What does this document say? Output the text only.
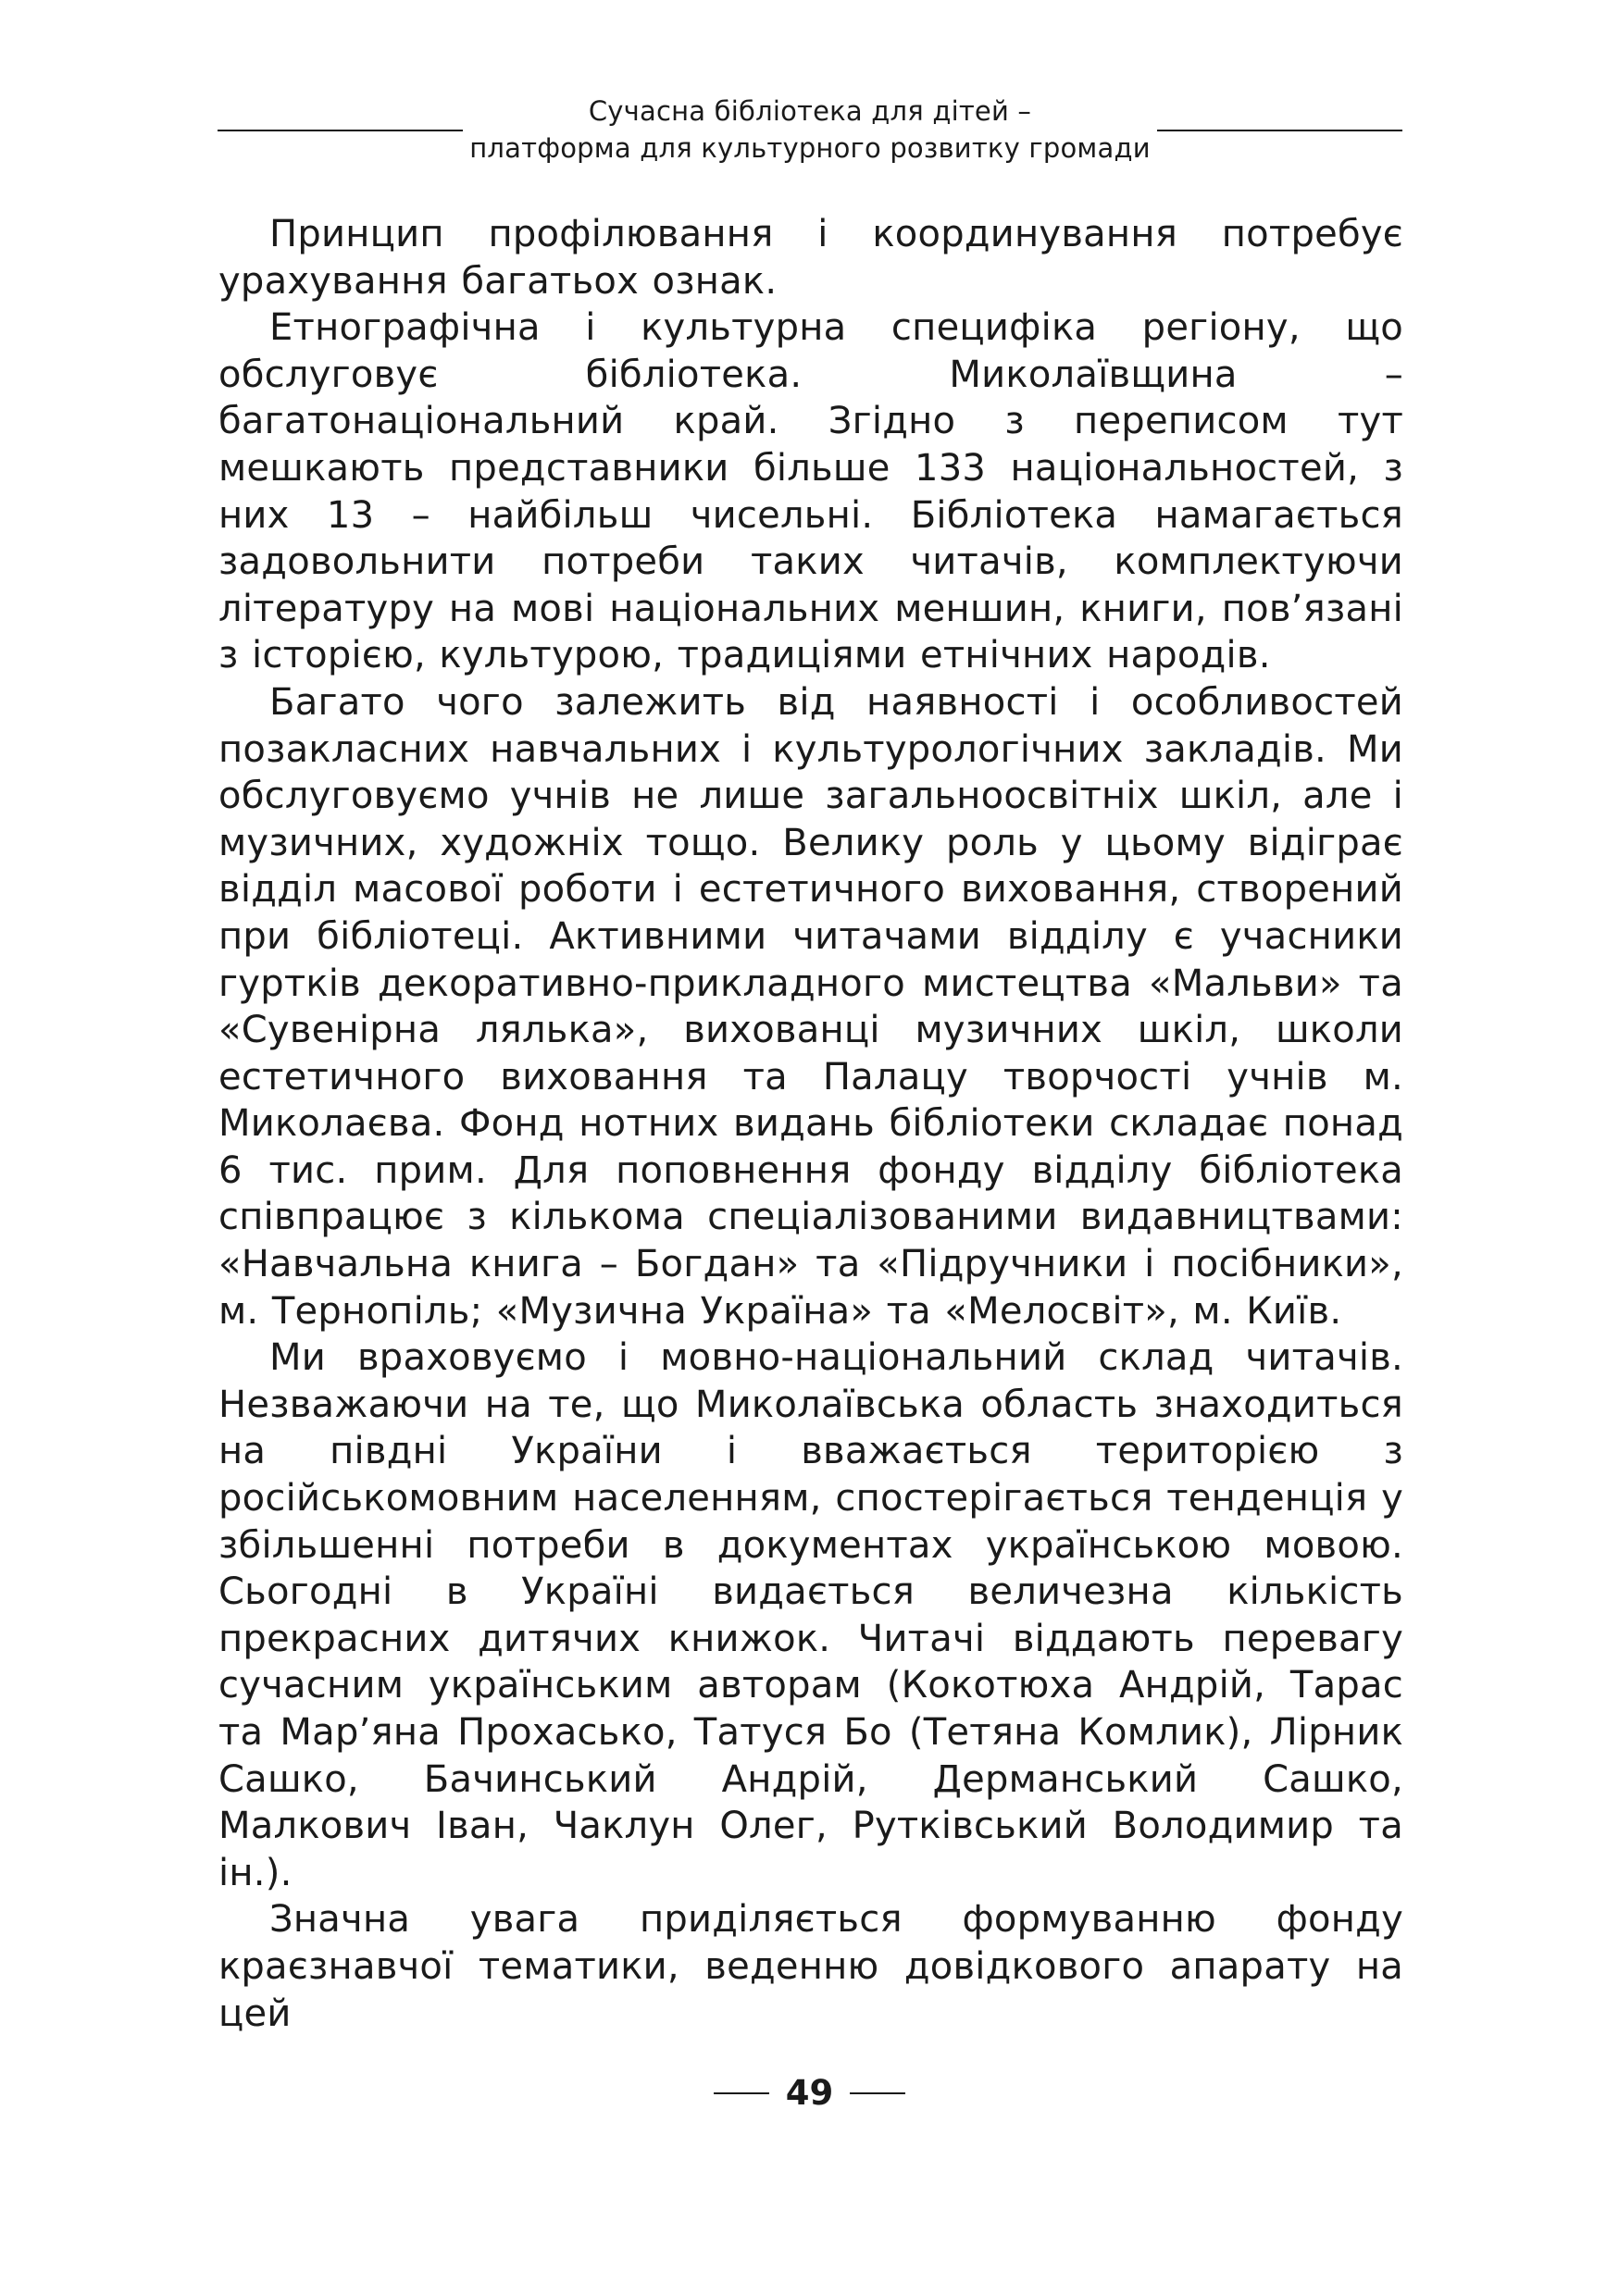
Сучасна бібліотека для дітей –
платформа для культурного розвитку громади

Принцип профілювання і координування потребує урахування багатьох ознак.

Етнографічна і культурна специфіка регіону, що обслуговує бібліотека. Миколаївщина – багатонаціональний край. Згідно з переписом тут мешкають представники більше 133 національностей, з них 13 – найбільш чисельні. Бібліотека намагається задовольнити потреби таких читачів, комплектуючи літературу на мові національних меншин, книги, пов’язані з історією, культурою, традиціями етнічних народів.

Багато чого залежить від наявності і особливостей позакласних навчальних і культурологічних закладів. Ми обслуговуємо учнів не лише загальноосвітніх шкіл, але і музичних, художніх тощо. Велику роль у цьому відіграє відділ масової роботи і естетичного виховання, створений при бібліотеці. Активними читачами відділу є учасники гуртків декоративно-прикладного мистецтва «Мальви» та «Сувенірна лялька», вихованці музичних шкіл, школи естетичного виховання та Палацу творчості учнів м. Миколаєва. Фонд нотних видань бібліотеки складає понад 6 тис. прим. Для поповнення фонду відділу бібліотека співпрацює з кількома спеціалізованими видавництвами: «Навчальна книга – Богдан» та «Підручники і посібники», м. Тернопіль; «Музична Україна» та «Мелосвіт», м. Київ.

Ми враховуємо і мовно-національний склад читачів. Незважаючи на те, що Миколаївська область знаходиться на півдні України і вважається територією з російськомовним населенням, спостерігається тенденція у збільшенні потреби в документах українською мовою. Сьогодні в Україні видається величезна кількість прекрасних дитячих книжок. Читачі віддають перевагу сучасним українським авторам (Кокотюха Андрій, Тарас та Мар’яна Прохасько, Татуся Бо (Тетяна Комлик), Лірник Сашко, Бачинський Андрій, Дерманський Сашко, Малкович Іван, Чаклун Олег, Рутківський Володимир та ін.).

Значна увага приділяється формуванню фонду краєзнавчої тематики, веденню довідкового апарату на цей

49
